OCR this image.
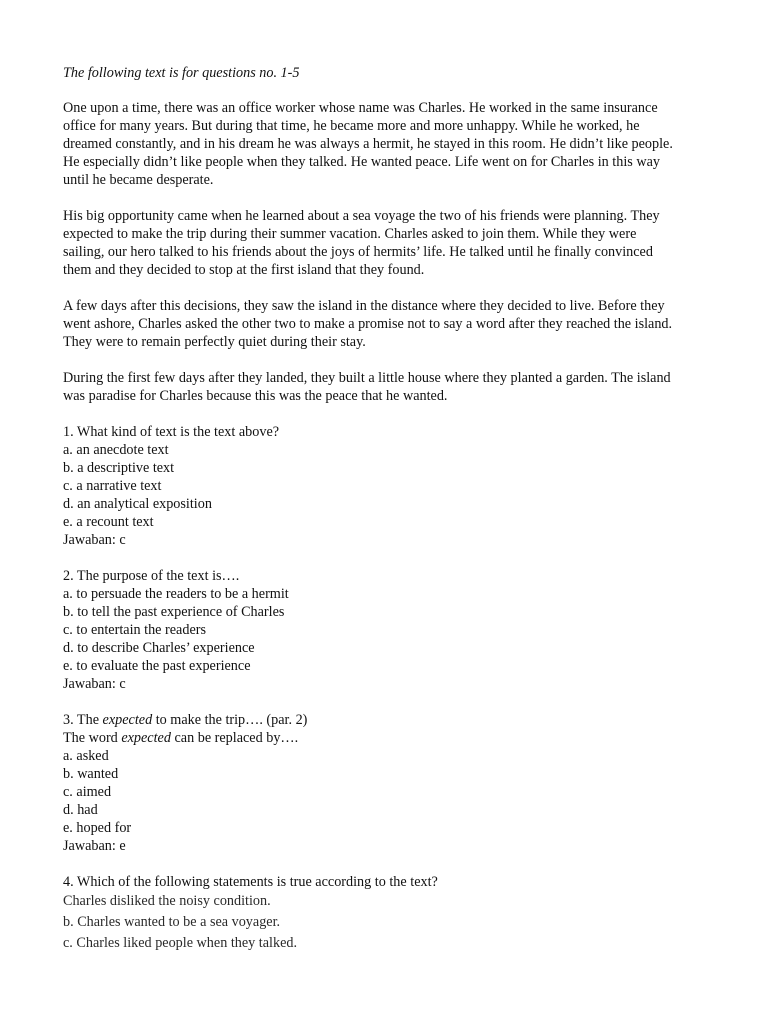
The following text is for questions no. 1-5
One upon a time, there was an office worker whose name was Charles. He worked in the same insurance
office for many years. But during that time, he became more and more unhappy. While he worked, he
dreamed constantly, and in his dream he was always a hermit, he stayed in this room. He didn’t like people.
He especially didn’t like people when they talked. He wanted peace. Life went on for Charles in this way
until he became desperate.
His big opportunity came when he learned about a sea voyage the two of his friends were planning. They
expected to make the trip during their summer vacation. Charles asked to join them. While they were
sailing, our hero talked to his friends about the joys of hermits’ life. He talked until he finally convinced
them and they decided to stop at the first island that they found.
A few days after this decisions, they saw the island in the distance where they decided to live. Before they
went ashore, Charles asked the other two to make a promise not to say a word after they reached the island.
They were to remain perfectly quiet during their stay.
During the first few days after they landed, they built a little house where they planted a garden. The island
was paradise for Charles because this was the peace that he wanted.
1. What kind of text is the text above?
a. an anecdote text
b. a descriptive text
c. a narrative text
d. an analytical exposition
e. a recount text
Jawaban: c
2. The purpose of the text is….
a. to persuade the readers to be a hermit
b. to tell the past experience of Charles
c. to entertain the readers
d. to describe Charles’ experience
e. to evaluate the past experience
Jawaban: c
3. The expected to make the trip…. (par. 2)
The word expected can be replaced by….
a. asked
b. wanted
c. aimed
d. had
e. hoped for
Jawaban: e
4. Which of the following statements is true according to the text?
Charles disliked the noisy condition.
b. Charles wanted to be a sea voyager.
c. Charles liked people when they talked.
